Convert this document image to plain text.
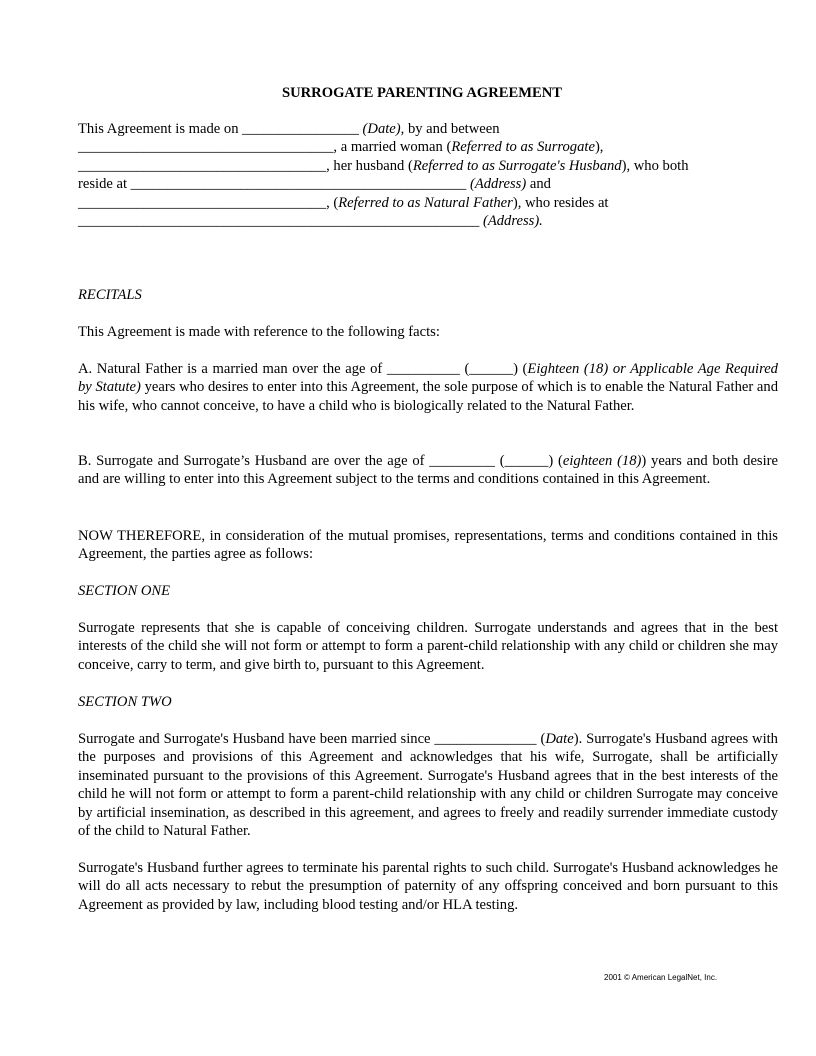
SURROGATE PARENTING AGREEMENT
This Agreement is made on ________________ (Date), by and between
___________________________________, a married woman (Referred to as Surrogate),
__________________________________, her husband (Referred to as Surrogate's Husband), who both
reside at ______________________________________________ (Address) and
__________________________________, (Referred to as Natural Father), who resides at
_______________________________________________________ (Address).
RECITALS
This Agreement is made with reference to the following facts:
A. Natural Father is a married man over the age of __________ (______) (Eighteen (18) or Applicable Age Required by Statute) years who desires to enter into this Agreement, the sole purpose of which is to enable the Natural Father and his wife, who cannot conceive, to have a child who is biologically related to the Natural Father.
B. Surrogate and Surrogate’s Husband are over the age of _________ (______) (eighteen (18)) years and both desire and are willing to enter into this Agreement subject to the terms and conditions contained in this Agreement.
NOW THEREFORE, in consideration of the mutual promises, representations, terms and conditions contained in this Agreement, the parties agree as follows:
SECTION ONE
Surrogate represents that she is capable of conceiving children. Surrogate understands and agrees that in the best interests of the child she will not form or attempt to form a parent-child relationship with any child or children she may conceive, carry to term, and give birth to, pursuant to this Agreement.
SECTION TWO
Surrogate and Surrogate's Husband have been married since ______________ (Date). Surrogate's Husband agrees with the purposes and provisions of this Agreement and acknowledges that his wife, Surrogate, shall be artificially inseminated pursuant to the provisions of this Agreement. Surrogate's Husband agrees that in the best interests of the child he will not form or attempt to form a parent-child relationship with any child or children Surrogate may conceive by artificial insemination, as described in this agreement, and agrees to freely and readily surrender immediate custody of the child to Natural Father.
Surrogate's Husband further agrees to terminate his parental rights to such child. Surrogate's Husband acknowledges he will do all acts necessary to rebut the presumption of paternity of any offspring conceived and born pursuant to this Agreement as provided by law, including blood testing and/or HLA testing.
2001 © American LegalNet, Inc.
